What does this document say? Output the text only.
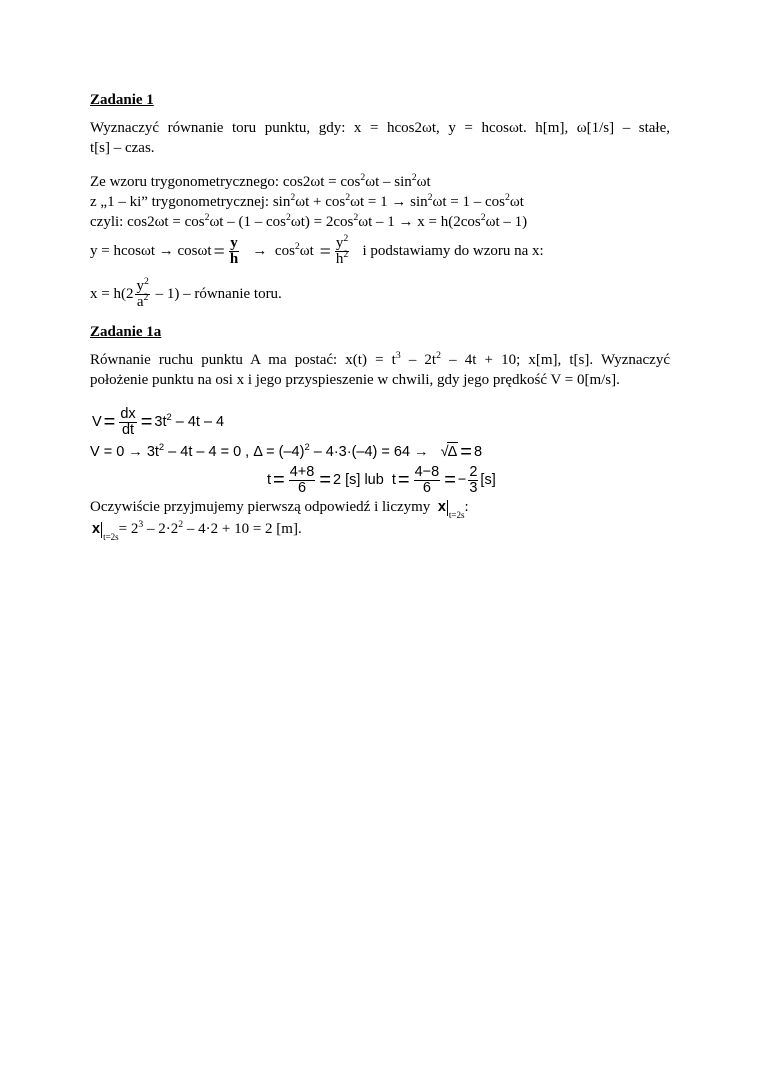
Zadanie 1
Wyznaczyć równanie toru punktu, gdy: x = hcos2ωt, y = hcosωt. h[m], ω[1/s] – stałe,
t[s] – czas.
Ze wzoru trygonometrycznego: $\cos 2\omega t = \cos^2\omega t - \sin^2\omega t$
z „1 – ki” trygonometrycznej: $\sin^2\omega t + \cos^2\omega t = 1 \to \sin^2\omega t = 1 - \cos^2\omega t$
czyli: $\cos 2\omega t = \cos^2\omega t - (1 - \cos^2\omega t) = 2\cos^2\omega t - 1 \to x = h(2\cos^2\omega t - 1)$
$y = hcos\omega t \to \cos\omega t = \frac{y}{h} \to \cos^2\omega t = \frac{y^2}{h^2}$ i podstawiamy do wzoru na x:
$x = h(2 \frac{y^2}{a^2} - 1)$ – równanie toru.
Zadanie 1a
Równanie ruchu punktu A ma postać: $x(t) = t^3 - 2t^2 - 4t + 10$; x[m], t[s]. Wyznaczyć
położenie punktu na osi x i jego przyspieszenie w chwili, gdy jego prędkość V = 0[m/s].
$V = \frac{dx}{dt} = 3t^2 - 4t - 4$
$V = 0 \to 3t^2 - 4t - 4 = 0$ , $\Delta = (-4)^2 - 4\cdot 3\cdot(-4) = 64 \to √\Delta = 8$
$t = \frac{4+8}{6} = 2$ [s] lub $t = \frac{4-8}{6}$ = − $\frac{2}{3} [s]$
Oczywiście przyjmujemy pierwszą odpowiedź i liczymy x $_{t=2s}$:
x $_{t=2s}= 2^3 - 2\cdot 2^2 - 4\cdot 2 + 10 = 2$ [m].
